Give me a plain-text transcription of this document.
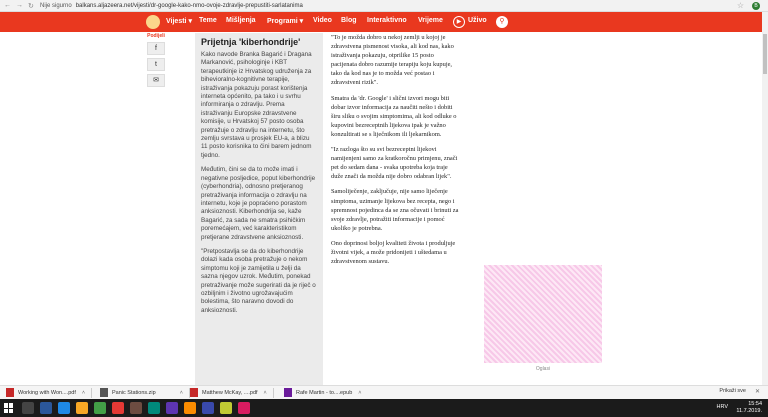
← → ↻ Nije sigurno balkans.aljazeera.net/vijesti/dr-google-kako-nmo-ovoje-zdravlje-prepustiti-sarlatanima	☆	B
Vijesti ▾ Teme Mišljenja Programi ▾ Video Blog Interaktivno Vrijeme	▶ Uživo	⚲
Podijeli
f
t
✉
Prijetnja 'kiberhondrije'

Kako navode Branka Bagarić i Dragana Markanović, psihologinje i KBT terapeutkinje iz Hrvatskog udruženja za bihevioralno-kognitivne terapije, istraživanja pokazuju porast korištenja interneta općenito, pa tako i u svrhu informiranja o zdravlju. Prema istraživanju Europske zdravstvene komisije, u Hrvatskoj 57 posto osoba pretražuje o zdravlju na internetu, što zemlju svrstava u prosjek EU-a, a blizu 11 posto korisnika to čini barem jednom tjedno.

Međutim, čini se da to može imati i negativne posljedice, poput kiberhondrije (cyberhondria), odnosno pretjeranog pretraživanja informacija o zdravlju na internetu, koje je popraćeno porastom anksioznosti. Kiberhondrija se, kaže Bagarić, za sada ne smatra psihičkim poremećajem, već karakteristikom pretjerane zdravstvene anksioznosti.

"Pretpostavlja se da do kiberhondrije dolazi kada osoba pretražuje o nekom simptomu koji je zamijetila u želji da sazna njegov uzrok. Međutim, ponekad pretraživanje može sugerirati da je riječ o ozbiljnim i životno ugrožavajućim bolestima, što naravno dovodi do anksioznosti.

"To je možda dobro u nekoj zemlji u kojoj je zdravstvena pismenost visoka, ali kod nas, kako istraživanja pokazuju, otprilike 15 posto pacijenata dobro razumije terapiju koju kupuje, tako da kod nas je to možda već postao i zdravstveni rizik".

Smatra da 'dr. Google' i slični izvori mogu biti dobar izvor informacija za naučiti nešto i dobiti širu sliku o svojim simptomima, ali kod odluke o kupovini bezreceptnih lijekova ipak je važno konzultirati se s liječnikom ili ljekarnikom.

"Iz razloga što su svi bezreceptni lijekovi namijenjeni samo za kratkoročnu primjenu, znači pet do sedam dana - svaka upotreba koja traje duže znači da možda nije dobro odabran lijek".

Samoliječenje, zaključuje, nije samo liječenje simptoma, uzimanje lijekova bez recepta, nego i spremnost pojedinca da se zna očuvati i brinuti za svoje zdravlje, potražiti informacije i pomoć ukoliko je potrebna.

Ono doprinosi boljoj kvaliteti života i produljuje životni vijek, a može pridonijeti i uštedama u zdravstvenom sustavu.

Oglasi
Working with Won....pdf ˄	Panic Stations.zip	˄	Matthew McKay, ....pdf ˄	Rafe Martin - to....epub ˄	Prikaži sve ✕
HRV	15:54
11.7.2019.
